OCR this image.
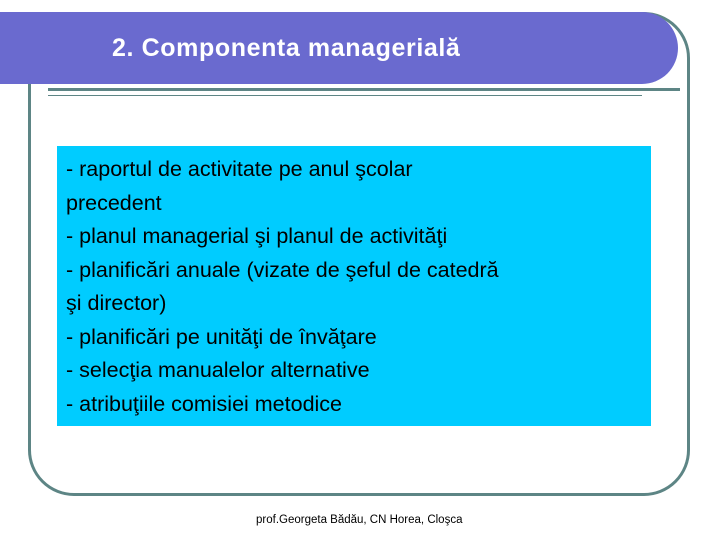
2. Componenta managerială
- raportul de activitate pe anul şcolar
precedent
- planul managerial şi planul de activităţi
- planificări anuale (vizate de şeful de catedră
şi director)
- planificări pe unităţi de învăţare
- selecţia manualelor alternative
- atribuţiile comisiei metodice
prof.Georgeta Bădău, CN Horea, Cloşca
